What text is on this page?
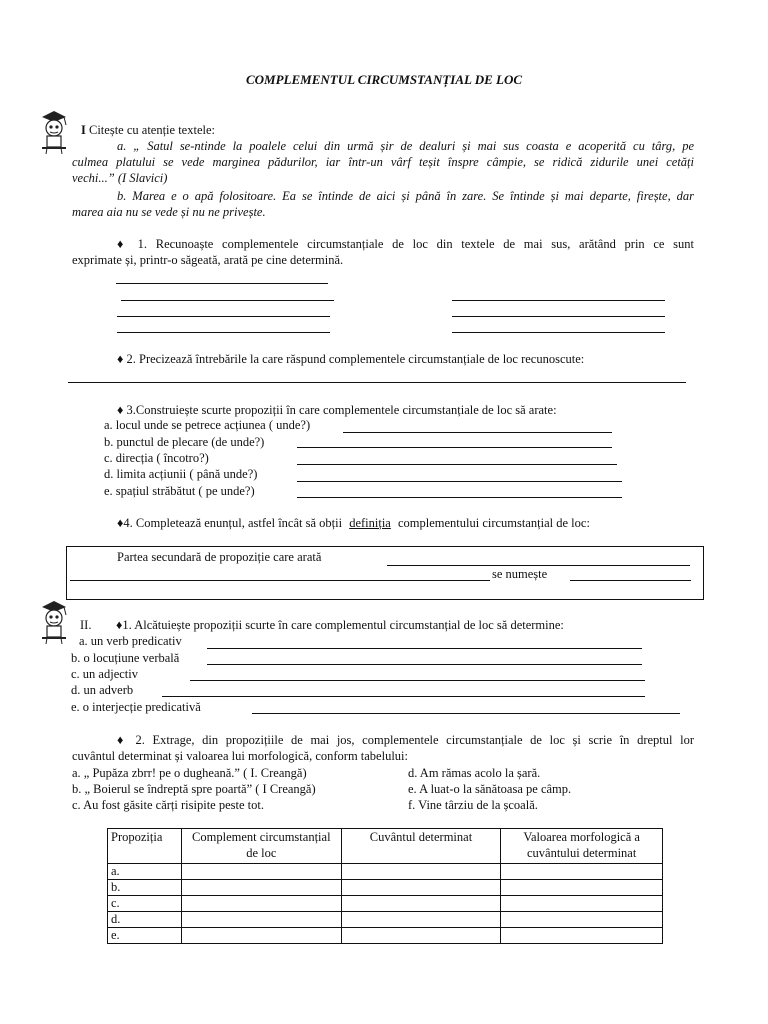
COMPLEMENTUL CIRCUMSTANȚIAL DE LOC
I Citește cu atenție textele:
a. „ Satul se-ntinde la poalele celui din urmă șir de dealuri și mai sus coasta e acoperită cu târg, pe
culmea platului se vede marginea pădurilor, iar într-un vârf teșit înspre câmpie, se ridică zidurile unei cetăți
vechi...” (I Slavici)
b. Marea e o apă folositoare. Ea se întinde de aici și până în zare. Se întinde și mai departe, firește, dar
marea aia nu se vede și nu ne privește.
♦ 1. Recunoaște complementele circumstanțiale de loc din textele de mai sus, arătând prin ce sunt
exprimate și, printr-o săgeată, arată pe cine determină.
♦ 2. Precizează întrebările la care răspund complementele circumstanțiale de loc recunoscute:
♦ 3.Construiește scurte propoziții în care complementele circumstanțiale de loc să arate:
a. locul unde se petrece acțiunea ( unde?)
b. punctul de plecare (de unde?)
c. direcția ( încotro?)
d. limita acțiunii ( până unde?)
e. spațiul străbătut ( pe unde?)
♦4. Completează enunțul, astfel încât să obții definiția complementului circumstanțial de loc:
Partea secundară de propoziție care arată
se numește
II. ♦1. Alcătuiește propoziții scurte în care complementul circumstanțial de loc să determine:
a. un verb predicativ
b. o locuțiune verbală
c. un adjectiv
d. un adverb
e. o interjecție predicativă
♦ 2. Extrage, din propozițiile de mai jos, complementele circumstanțiale de loc și scrie în dreptul lor
cuvântul determinat și valoarea lui morfologică, conform tabelului:
a. „ Pupăza zbrr! pe o dugheană.” ( I. Creangă)
b. „ Boierul se îndreptă spre poartă” ( I Creangă)
c. Au fost găsite cărți risipite peste tot.
d. Am rămas acolo la șară.
e. A luat-o la sănătoasa pe câmp.
f. Vine târziu de la școală.
Propoziția	Complement circumstanțial de loc	Cuvântul determinat	Valoarea morfologică a cuvântului determinat
a.			
b.			
c.			
d.			
e.			
